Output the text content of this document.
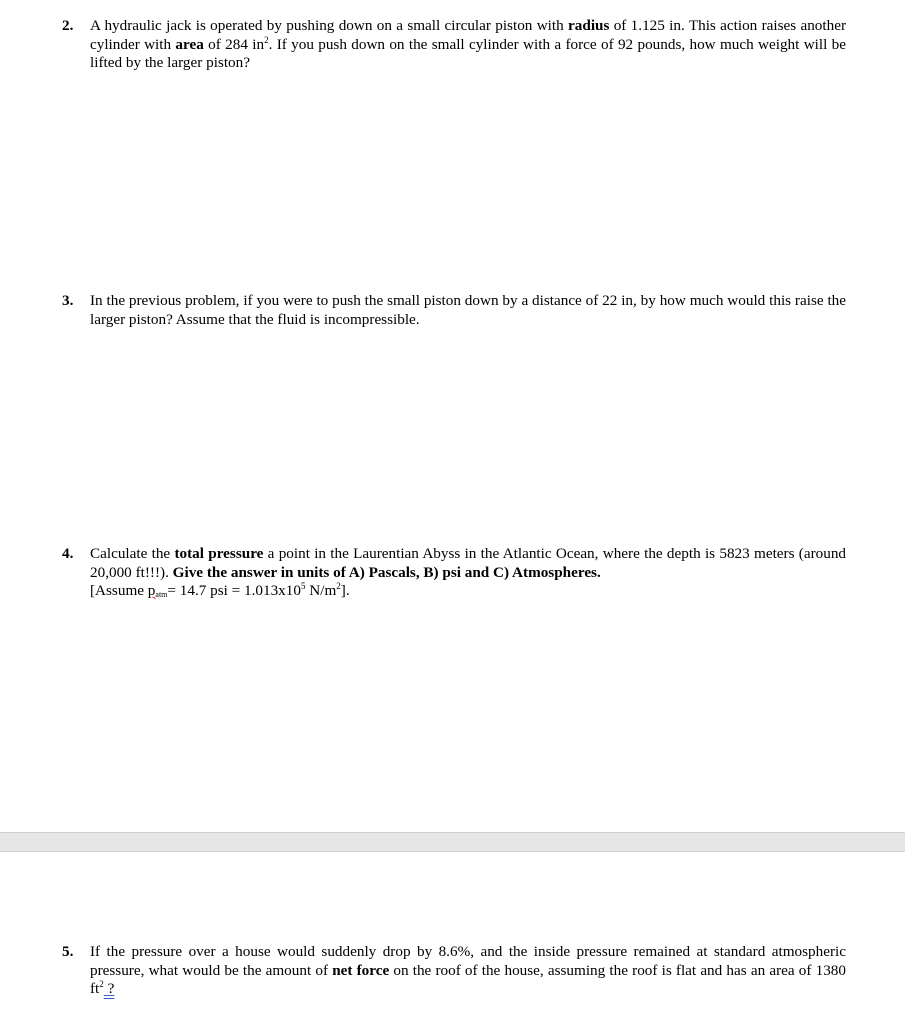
2.	A hydraulic jack is operated by pushing down on a small circular piston with radius of 1.125 in. This action raises another cylinder with area of 284 $in^2$. If you push down on the small cylinder with a force of 92 pounds, how much weight will be lifted by the larger piston?

3.	In the previous problem, if you were to push the small piston down by a distance of 22 in, by how much would this raise the larger piston? Assume that the fluid is incompressible.

4.	Calculate the total pressure a point in the Laurentian Abyss in the Atlantic Ocean, where the depth is 5823 meters (around 20,000 ft!!!). Give the answer in units of A) Pascals, B) psi and C) Atmospheres.

[Assume $p_{atm}= 14.7$ psi = $1.013x10^5$ $N/m^2$].

5.	If the pressure over a house would suddenly drop by 8.6%, and the inside pressure remained at standard atmospheric pressure, what would be the amount of net force on the roof of the house, assuming the roof is flat and has an area of 1380 $ft^2$ ?
